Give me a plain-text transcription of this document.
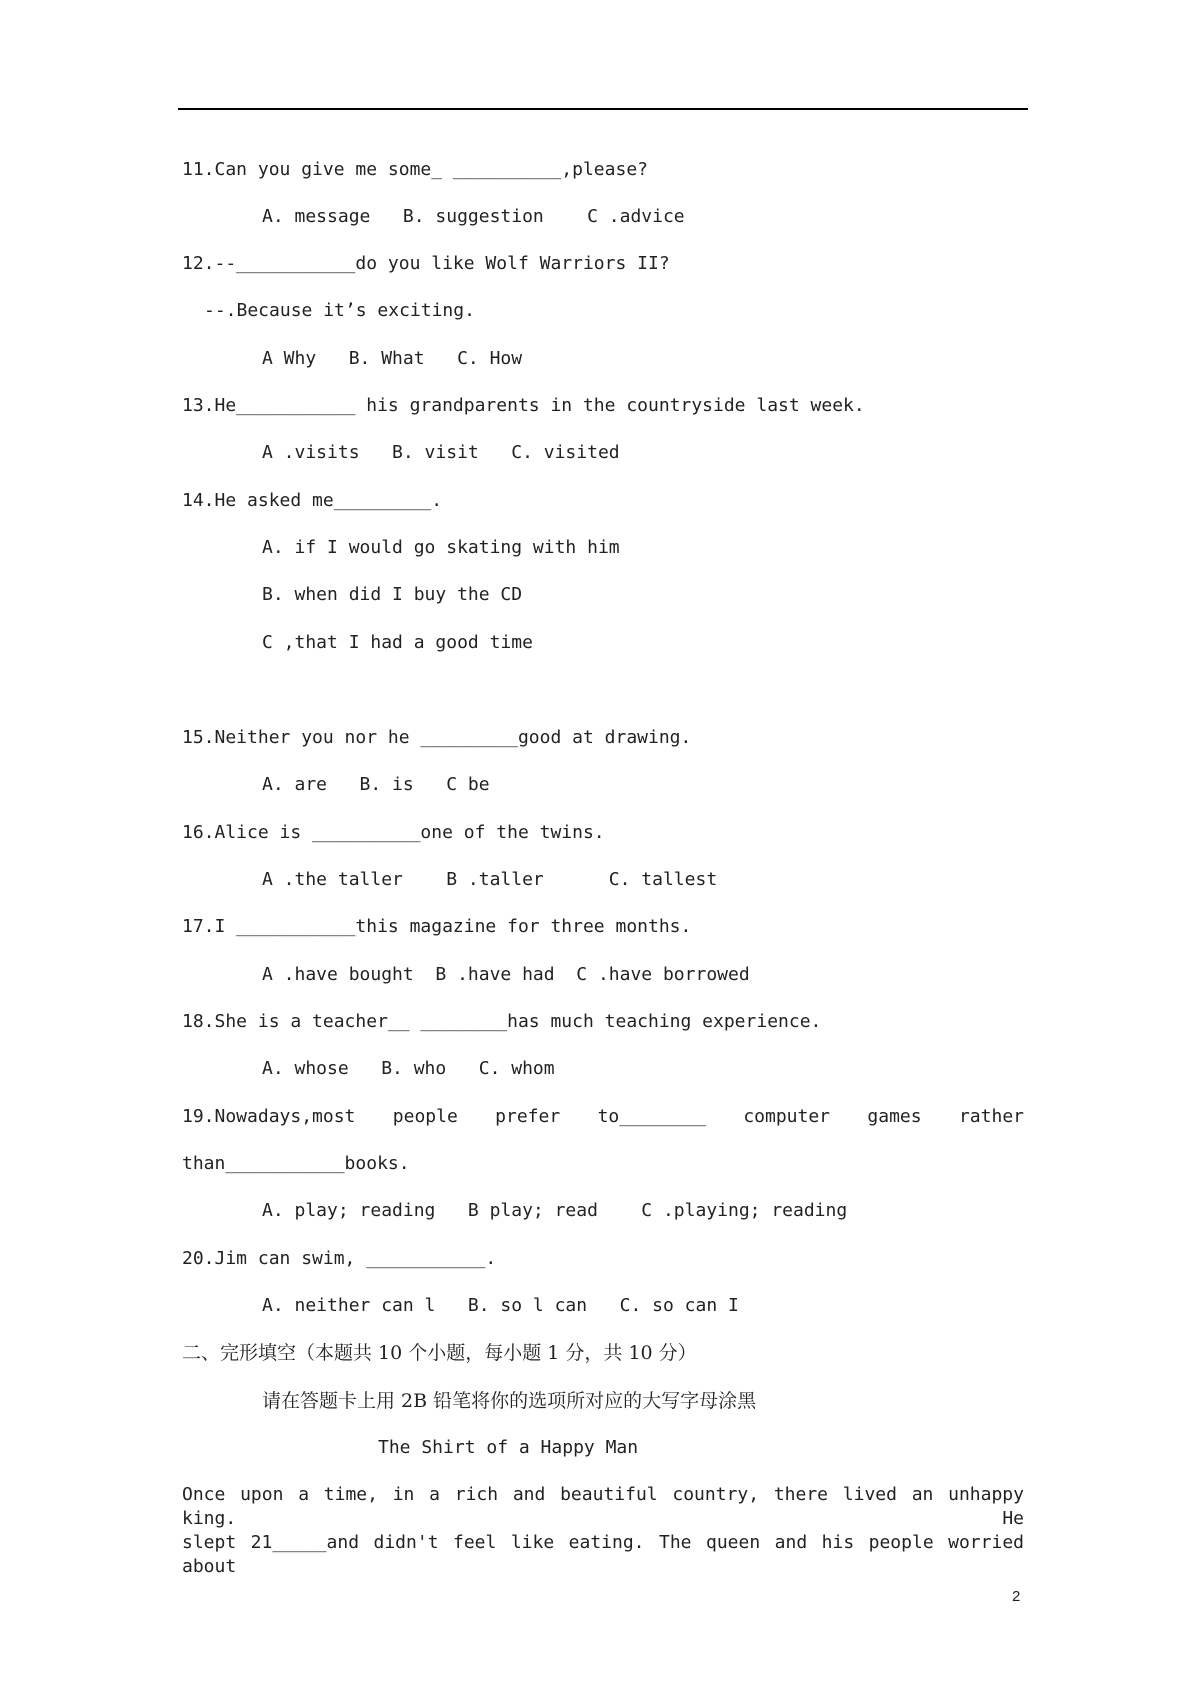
11.Can you give me some_ __________,please?
A. message   B. suggestion    C .advice
12.--___________do you like Wolf Warriors II?
--.Because it’s exciting.
A Why   B. What   C. How
13.He___________ his grandparents in the countryside last week.
A .visits   B. visit   C. visited
14.He asked me_________.
A. if I would go skating with him
B. when did I buy the CD
C ,that I had a good time
15.Neither you nor he _________good at drawing.
A. are   B. is   C be
16.Alice is __________one of the twins.
A .the taller    B .taller      C. tallest
17.I ___________this magazine for three months.
A .have bought  B .have had  C .have borrowed
18.She is a teacher__ ________has much teaching experience.
A. whose   B. who   C. whom
19.Nowadays,most people prefer to________ computer games rather
than___________books.
A. play; reading   B play; read    C .playing; reading
20.Jim can swim, ___________.
A. neither can l   B. so l can   C. so can I
二、完形填空（本题共 10 个小题，每小题 1 分，共 10 分）
请在答题卡上用 2B 铅笔将你的选项所对应的大写字母涂黑
The Shirt of a Happy Man
Once upon a time, in a rich and beautiful country, there lived an unhappy king. He
slept 21_____and didn't feel like eating. The queen and his people worried about
2
